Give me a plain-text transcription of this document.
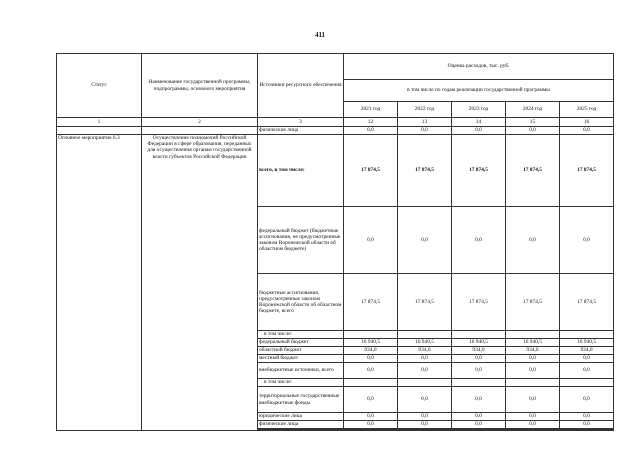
411
Статус	Наименование государственной программы, подпрограммы, основного мероприятия	Источники ресурсного обеспечения	Оценка расходов, тыс. руб.				
			в том числе по годам реализации государственной программы				
			2021 год	2022 год	2023 год	2024 год	2025 год
1	2	3	12	13	14	15	16
		физические лица	0,0	0,0	0,0	0,0	0,0
Основное мероприятие 6.3	Осуществление полномочий Российской Федерации в сфере образования, переданных для осуществления органам государственной власти субъектов Российской Федерации	всего, в том числе:	17 874,5	17 874,5	17 874,5	17 874,5	17 874,5
		федеральный бюджет (бюджетные ассигнования, не предусмотренные законом Воронежской области об областном бюджете)	0,0	0,0	0,0	0,0	0,0
		бюджетные ассигнования, предусмотренные законом Воронежской области об областном бюджете, всего	17 874,5	17 874,5	17 874,5	17 874,5	17 874,5
		в том числе:					
		федеральный бюджет	16 940,5	16 940,5	16 940,5	16 940,5	16 940,5
		областной бюджет	934,0	934,0	934,0	934,0	934,0
		местный бюджет	0,0	0,0	0,0	0,0	0,0
		внебюджетные источники, всего	0,0	0,0	0,0	0,0	0,0
		в том числе:					
		территориальные государственные внебюджетные фонды	0,0	0,0	0,0	0,0	0,0
		юридические лица	0,0	0,0	0,0	0,0	0,0
		физические лица	0,0	0,0	0,0	0,0	0,0
